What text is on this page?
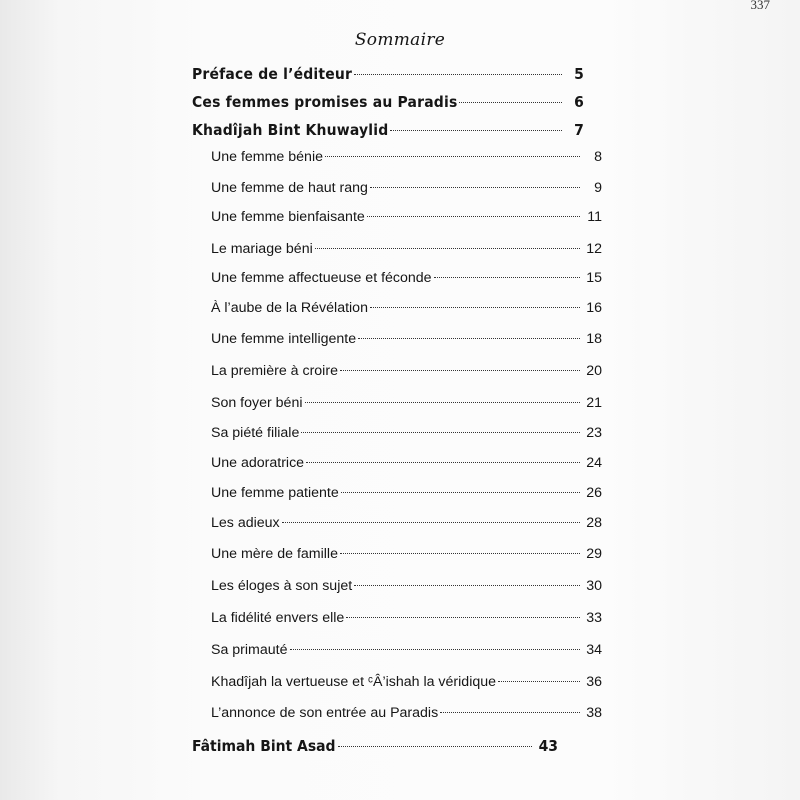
337
Sommaire
Préface de l’éditeur	5
Ces femmes promises au Paradis	6
Khadîjah Bint Khuwaylid	7
Une femme bénie	8
Une femme de haut rang	9
Une femme bienfaisante	11
Le mariage béni	12
Une femme affectueuse et féconde	15
À l’aube de la Révélation	16
Une femme intelligente	18
La première à croire	20
Son foyer béni	21
Sa piété filiale	23
Une adoratrice	24
Une femme patiente	26
Les adieux	28
Une mère de famille	29
Les éloges à son sujet	30
La fidélité envers elle	33
Sa primauté	34
Khadîjah la vertueuse et ᶜÂ’ishah la véridique	36
L’annonce de son entrée au Paradis	38
Fâtimah Bint Asad	43
